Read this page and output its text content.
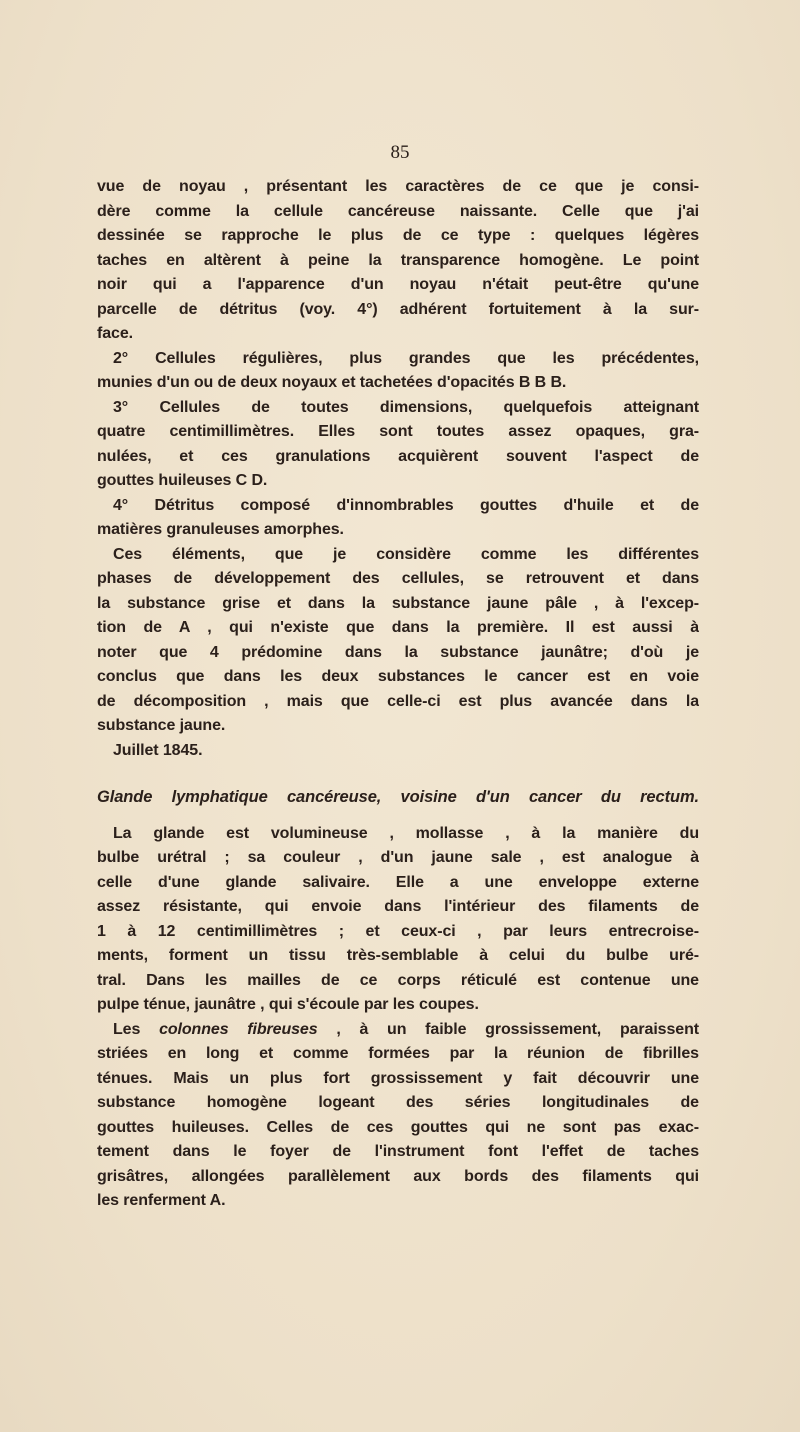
85
vue de noyau , présentant les caractères de ce que je consi-
dère comme la cellule cancéreuse naissante. Celle que j'ai
dessinée se rapproche le plus de ce type : quelques légères
taches en altèrent à peine la transparence homogène. Le point
noir qui a l'apparence d'un noyau n'était peut-être qu'une
parcelle de détritus (voy. 4°) adhérent fortuitement à la sur-
face.
2° Cellules régulières, plus grandes que les précédentes,
munies d'un ou de deux noyaux et tachetées d'opacités B B B.
3° Cellules de toutes dimensions, quelquefois atteignant
quatre centimillimètres. Elles sont toutes assez opaques, gra-
nulées, et ces granulations acquièrent souvent l'aspect de
gouttes huileuses C D.
4° Détritus composé d'innombrables gouttes d'huile et de
matières granuleuses amorphes.
Ces éléments, que je considère comme les différentes
phases de développement des cellules, se retrouvent et dans
la substance grise et dans la substance jaune pâle , à l'excep-
tion de A , qui n'existe que dans la première. Il est aussi à
noter que 4 prédomine dans la substance jaunâtre; d'où je
conclus que dans les deux substances le cancer est en voie
de décomposition , mais que celle-ci est plus avancée dans la
substance jaune.
Juillet 1845.
Glande lymphatique cancéreuse, voisine d'un cancer du rectum.
La glande est volumineuse , mollasse , à la manière du
bulbe urétral ; sa couleur , d'un jaune sale , est analogue à
celle d'une glande salivaire. Elle a une enveloppe externe
assez résistante, qui envoie dans l'intérieur des filaments de
1 à 12 centimillimètres ; et ceux-ci , par leurs entrecroise-
ments, forment un tissu très-semblable à celui du bulbe uré-
tral. Dans les mailles de ce corps réticulé est contenue une
pulpe ténue, jaunâtre , qui s'écoule par les coupes.
Les colonnes fibreuses , à un faible grossissement, paraissent
striées en long et comme formées par la réunion de fibrilles
ténues. Mais un plus fort grossissement y fait découvrir une
substance homogène logeant des séries longitudinales de
gouttes huileuses. Celles de ces gouttes qui ne sont pas exac-
tement dans le foyer de l'instrument font l'effet de taches
grisâtres, allongées parallèlement aux bords des filaments qui
les renferment A.
